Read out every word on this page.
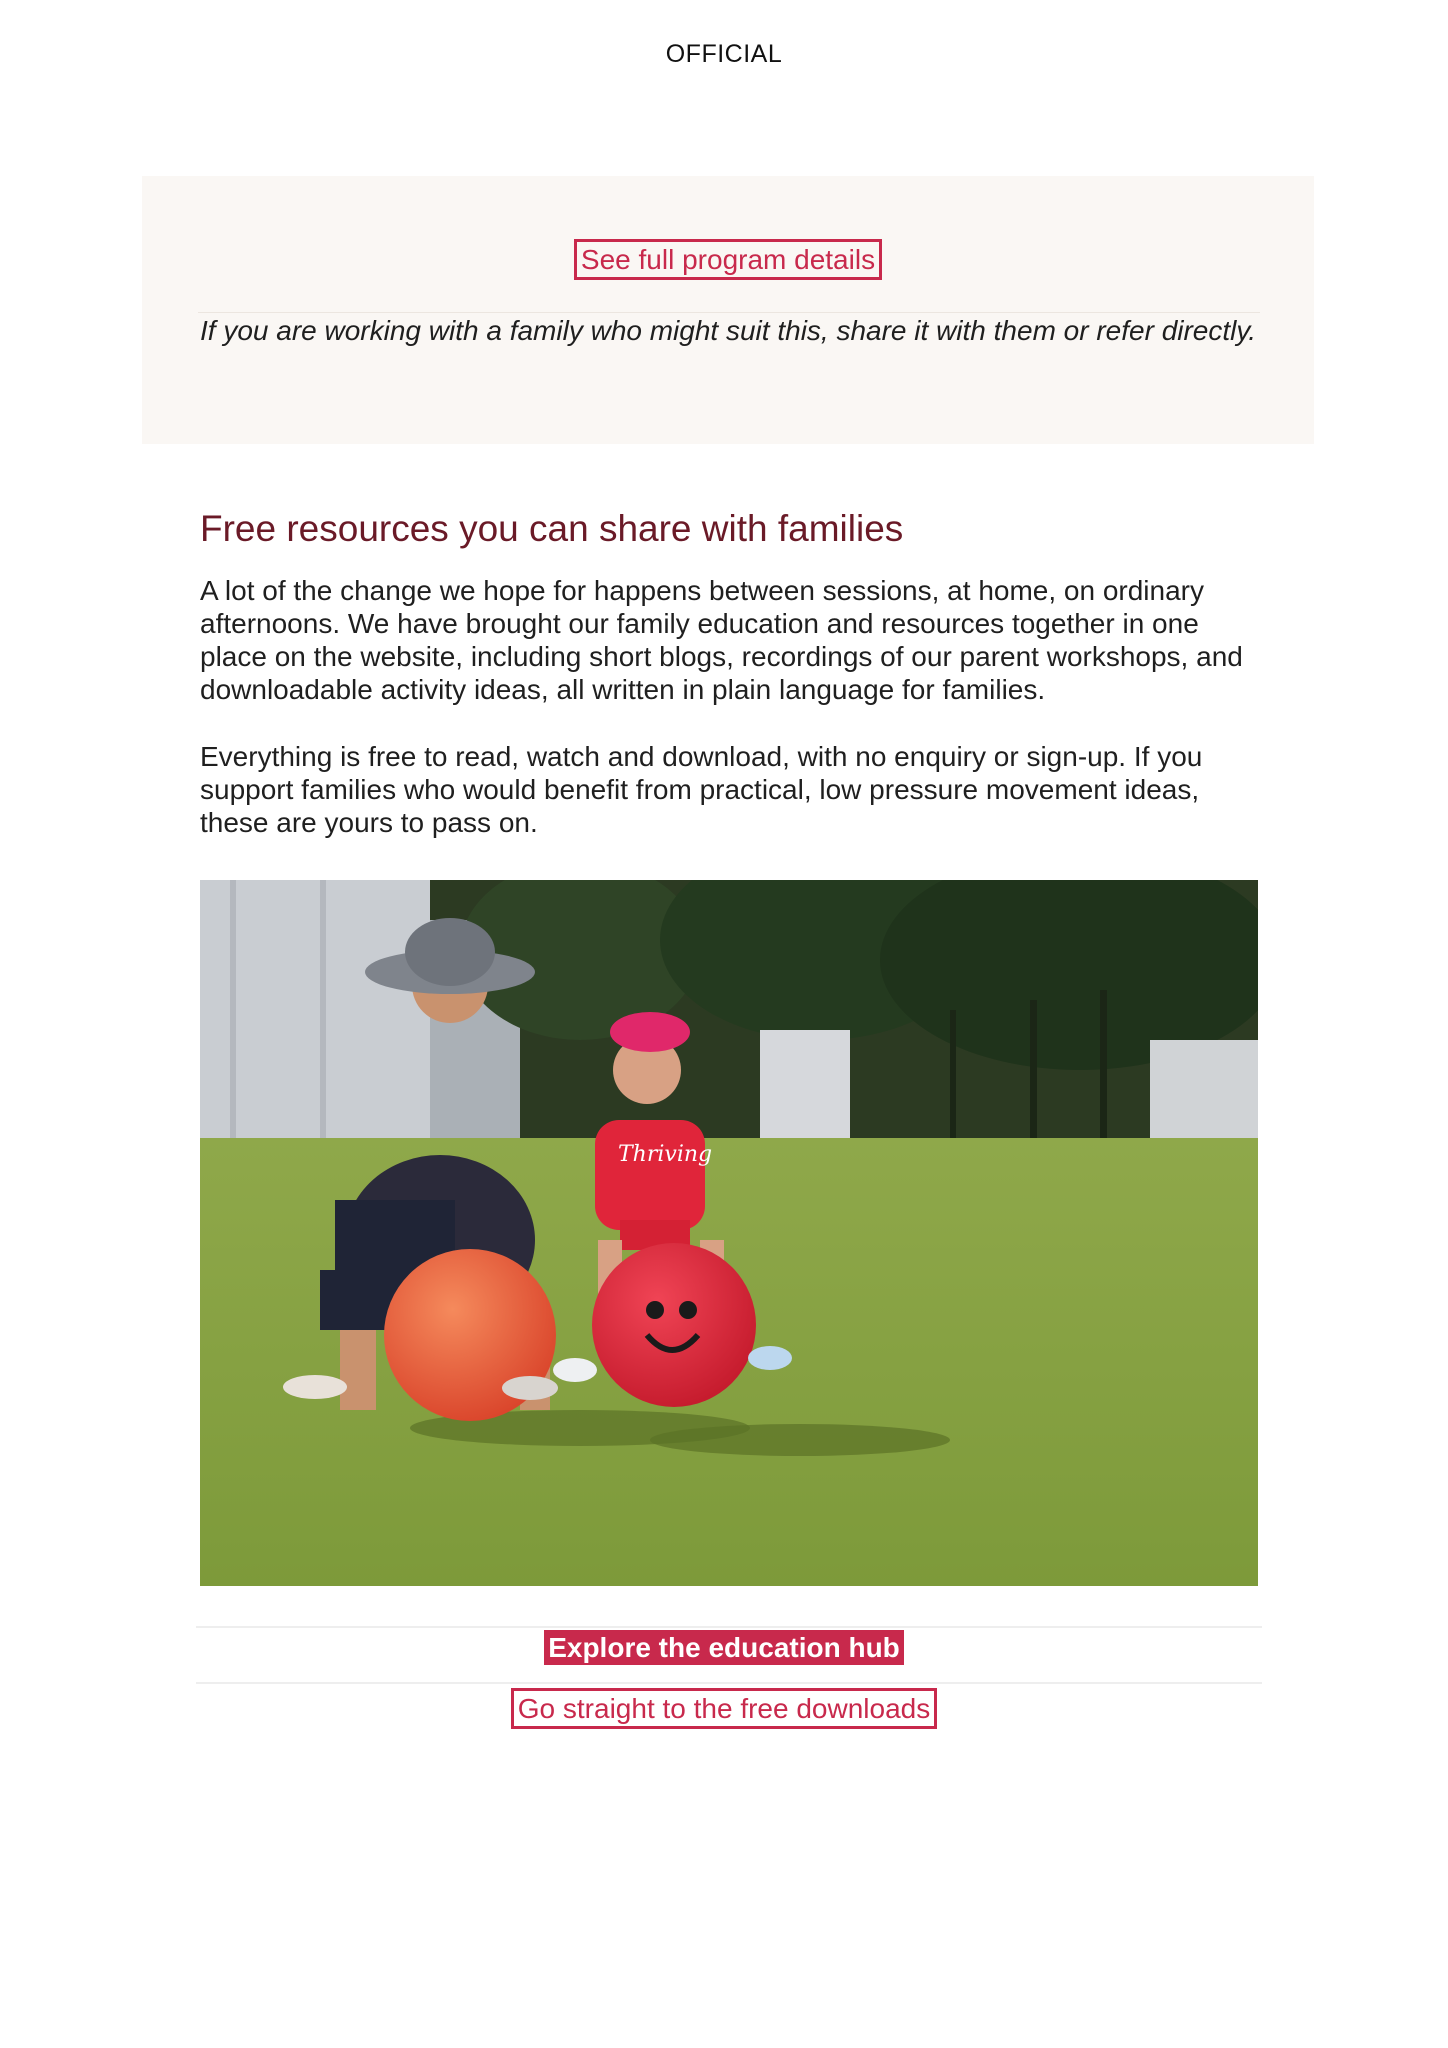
OFFICIAL
See full program details

If you are working with a family who might suit this, share it with them or refer directly.

Free resources you can share with families

A lot of the change we hope for happens between sessions, at home, on ordinary afternoons. We have brought our family education and resources together in one place on the website, including short blogs, recordings of our parent workshops, and downloadable activity ideas, all written in plain language for families.

Everything is free to read, watch and download, with no enquiry or sign-up. If you support families who would benefit from practical, low pressure movement ideas, these are yours to pass on.

Thriving
Explore the education hub
Go straight to the free downloads
